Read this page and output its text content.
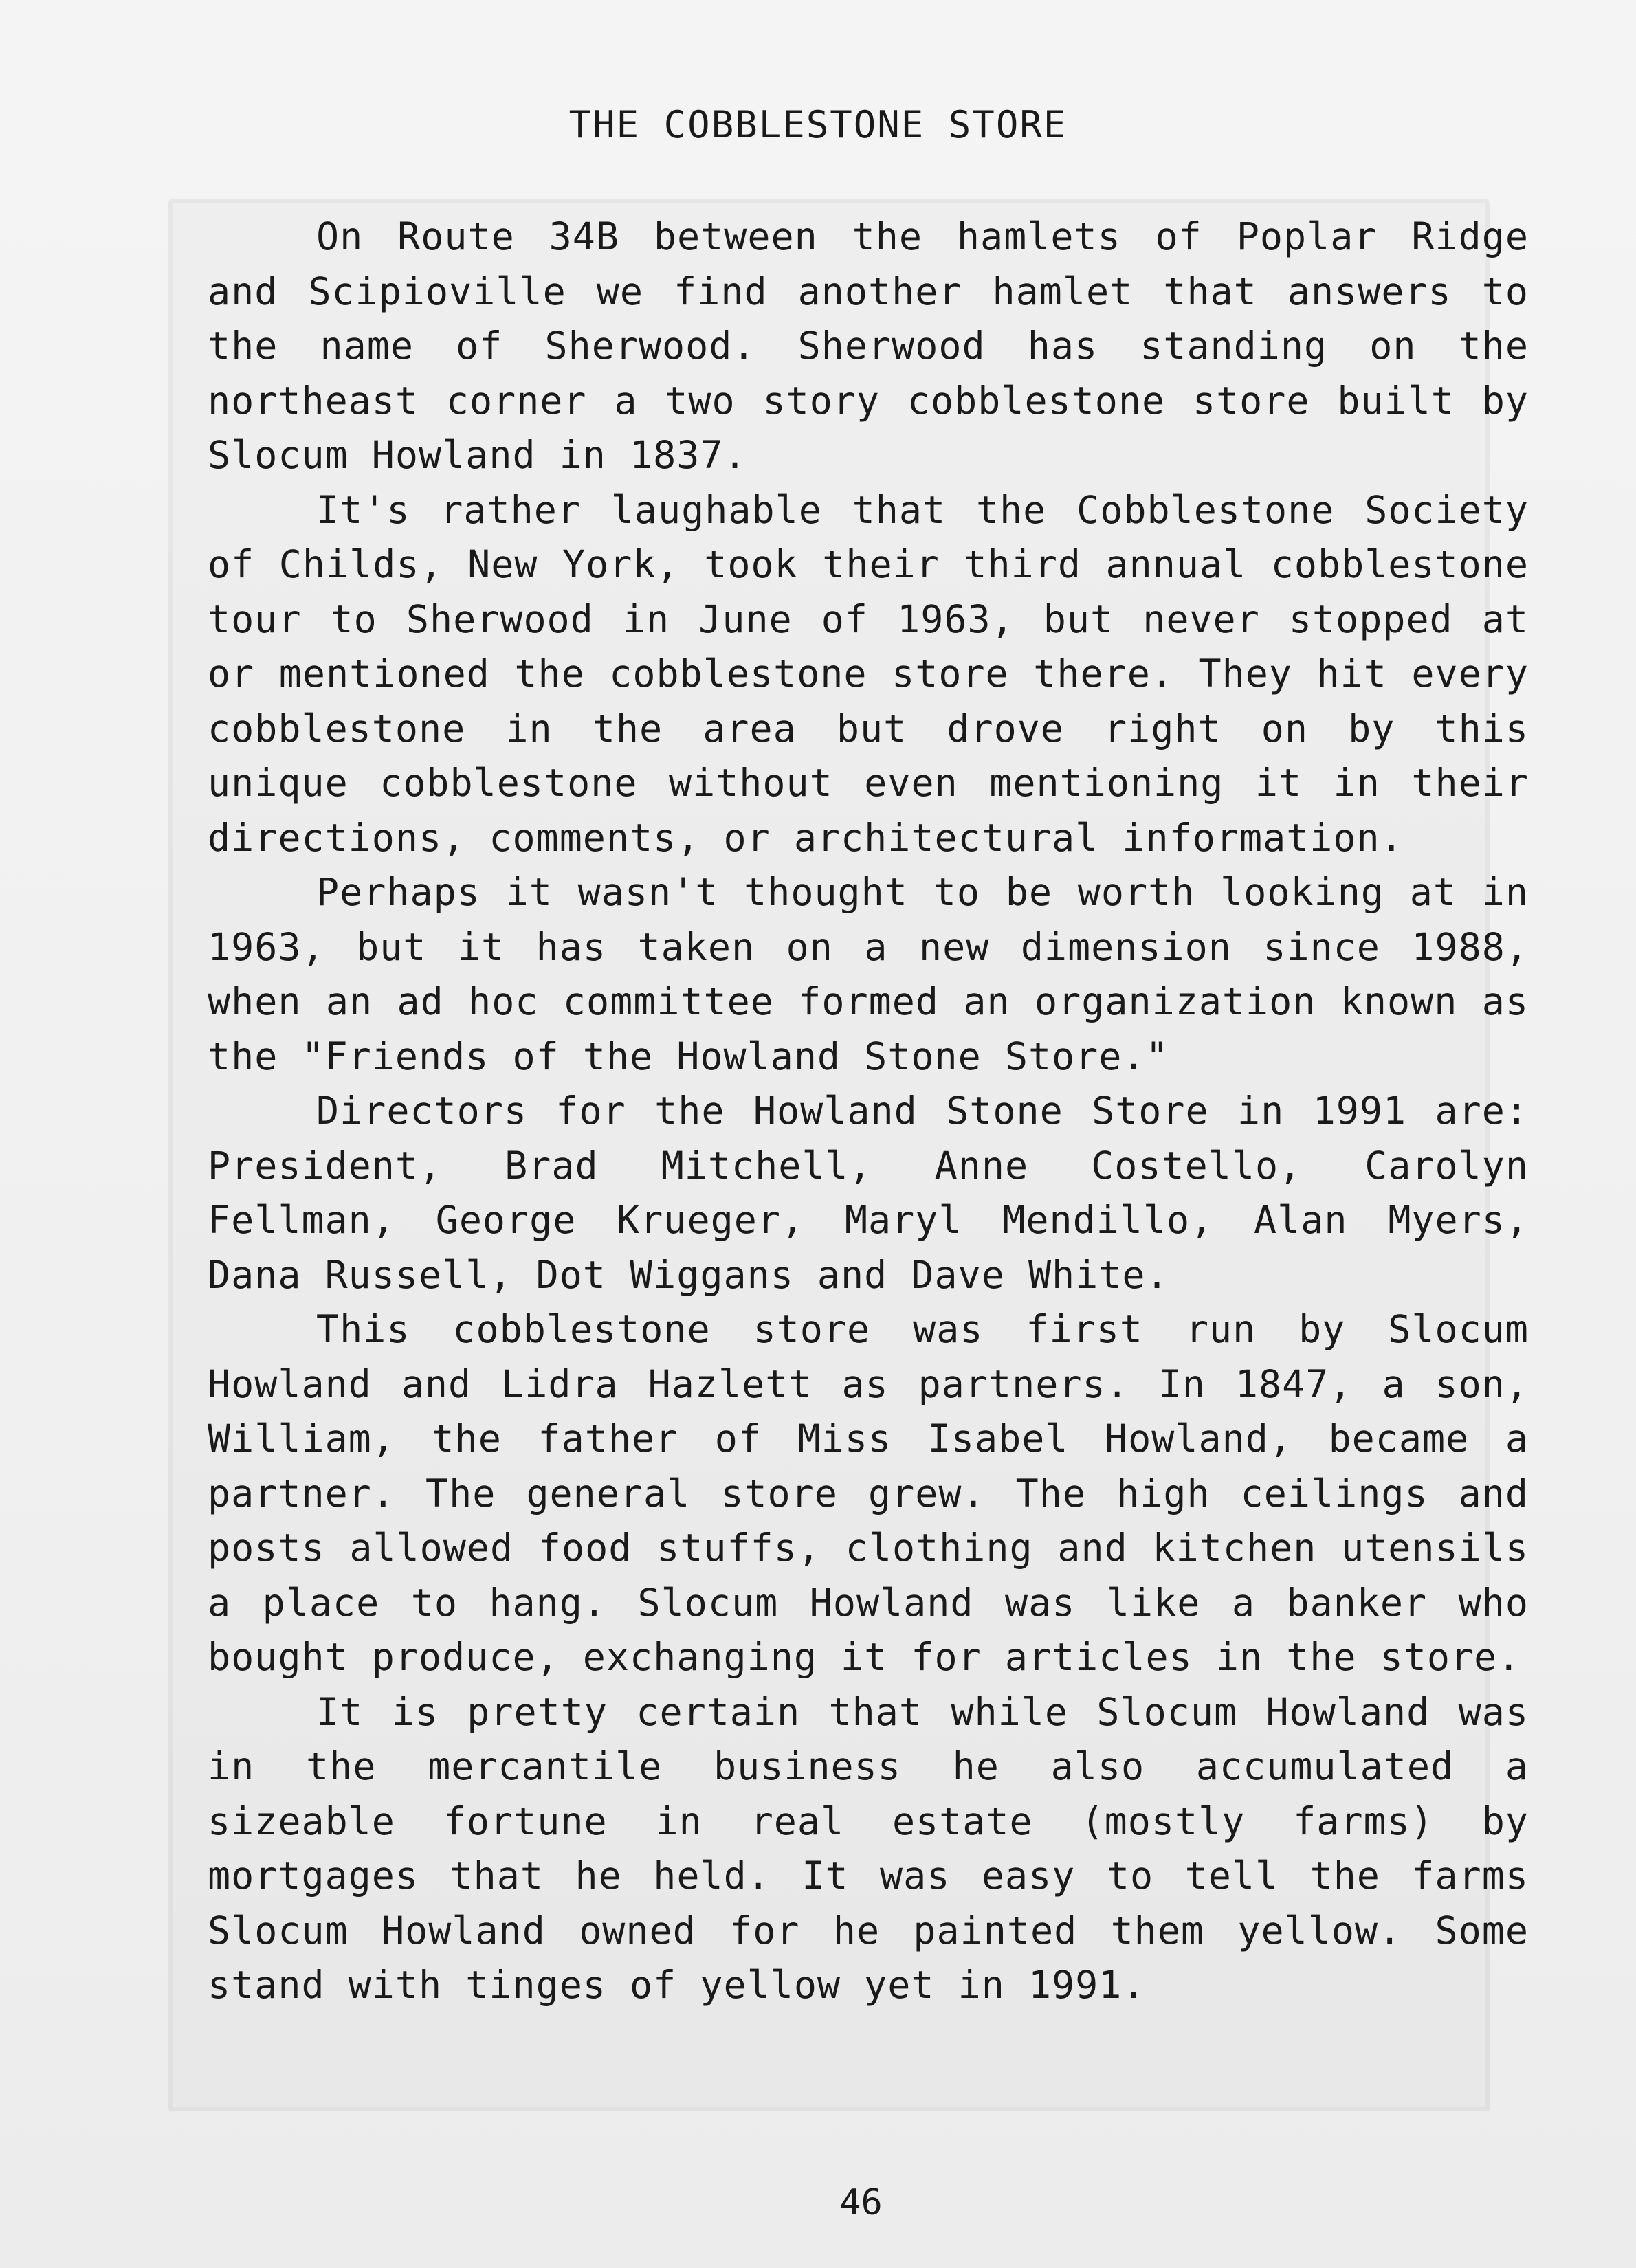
THE COBBLESTONE STORE

On Route 34B between the hamlets of Poplar Ridge and Scipioville we find another hamlet that answers to the name of Sherwood. Sherwood has standing on the northeast corner a two story cobblestone store built by Slocum Howland in 1837.

It's rather laughable that the Cobblestone Society of Childs, New York, took their third annual cobblestone tour to Sherwood in June of 1963, but never stopped at or mentioned the cobblestone store there. They hit every cobblestone in the area but drove right on by this unique cobblestone without even mentioning it in their directions, comments, or architectural information.

Perhaps it wasn't thought to be worth looking at in 1963, but it has taken on a new dimension since 1988, when an ad hoc committee formed an organization known as the "Friends of the Howland Stone Store."

Directors for the Howland Stone Store in 1991 are: President, Brad Mitchell, Anne Costello, Carolyn Fellman, George Krueger, Maryl Mendillo, Alan Myers, Dana Russell, Dot Wiggans and Dave White.

This cobblestone store was first run by Slocum Howland and Lidra Hazlett as partners. In 1847, a son, William, the father of Miss Isabel Howland, became a partner. The general store grew. The high ceilings and posts allowed food stuffs, clothing and kitchen utensils a place to hang. Slocum Howland was like a banker who bought produce, exchanging it for articles in the store.

It is pretty certain that while Slocum Howland was in the mercantile business he also accumulated a sizeable fortune in real estate (mostly farms) by mortgages that he held. It was easy to tell the farms Slocum Howland owned for he painted them yellow. Some stand with tinges of yellow yet in 1991.

46
